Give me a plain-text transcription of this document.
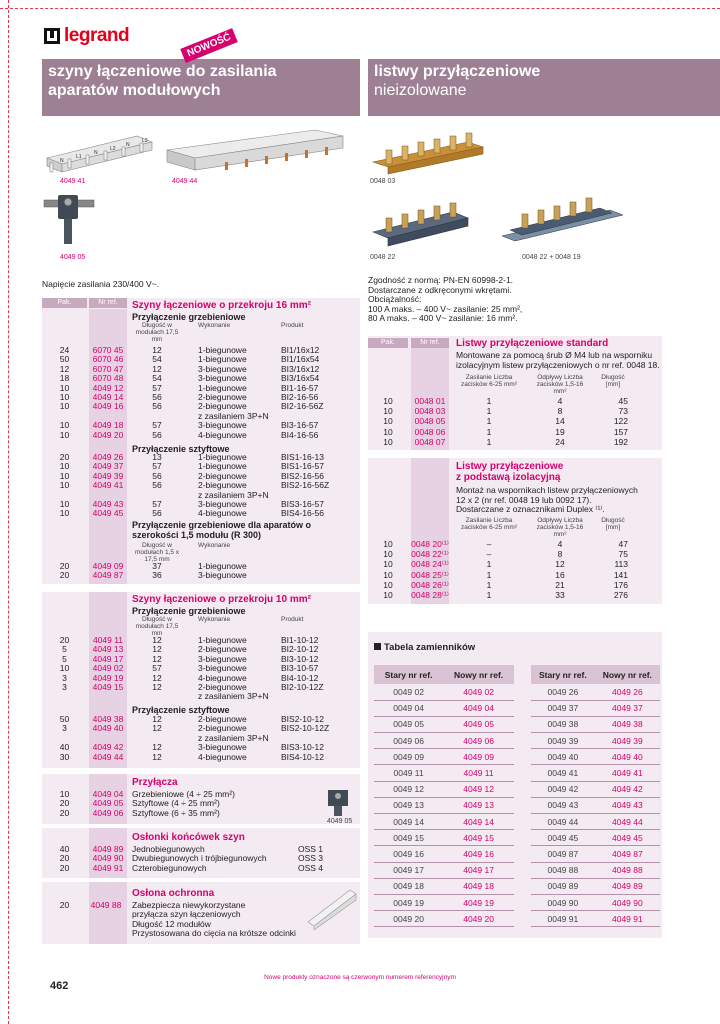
legrand
szyny łączeniowe do zasilania
aparatów modułowych
NOWOŚĆ
listwy przyłączeniowe
nieizolowane
N
L1
N
L2
N
L3
4049 41	4049 44
4049 05
0048 03
0048 22	0048 22 + 0048 19
Napięcie zasilania 230/400 V~.
Pak.	Nr ref.	Szyny łączeniowe o przekroju 16 mm²
Przyłączenie grzebieniowe
Długość w modułach 17,5 mm
Wykonanie	Produkt
24	6070 45	12	1-biegunowe	BI1/16x12
50	6070 46	54	1-biegunowe	BI1/16x54
12	6070 47	12	3-biegunowe	BI3/16x12
18	6070 48	54	3-biegunowe	BI3/16x54
10	4049 12	57	1-biegunowe	BI1-16-57
10	4049 14	56	2-biegunowe	BI2-16-56
10	4049 16	56	2-biegunowe	BI2-16-56Z
z zasilaniem 3P+N
10	4049 18	57	3-biegunowe	BI3-16-57
10	4049 20	56	4-biegunowe	BI4-16-56
Przyłączenie sztyftowe
20	4049 26	13	1-biegunowe	BIS1-16-13
10	4049 37	57	1-biegunowe	BIS1-16-57
10	4049 39	56	2-biegunowe	BIS2-16-56
10	4049 41	56	2-biegunowe	BIS2-16-56Z
z zasilaniem 3P+N
10	4049 43	57	3-biegunowe	BIS3-16-57
10	4049 45	56	4-biegunowe	BIS4-16-56
Przyłączenie grzebieniowe dla aparatów o szerokości 1,5 modułu (R 300)
Długość w modułach 1,5 x 17,5 mm
Wykonanie
20	4049 09	37	1-biegunowe
20	4049 87	36	3-biegunowe
Szyny łączeniowe o przekroju 10 mm²
Przyłączenie grzebieniowe
Długość w modułach 17,5 mm
Wykonanie	Produkt
20	4049 11	12	1-biegunowe	BI1-10-12
5	4049 13	12	2-biegunowe	BI2-10-12
5	4049 17	12	3-biegunowe	BI3-10-12
10	4049 02	57	3-biegunowe	BI3-10-57
3	4049 19	12	4-biegunowe	BI4-10-12
3	4049 15	12	2-biegunowe	BI2-10-12Z
z zasilaniem 3P+N
Przyłączenie sztyftowe
50	4049 38	12	2-biegunowe	BIS2-10-12
3	4049 40	12	2-biegunowe	BIS2-10-12Z
z zasilaniem 3P+N
40	4049 42	12	3-biegunowe	BIS3-10-12
30	4049 44	12	4-biegunowe	BIS4-10-12
Przyłącza
10	4049 04	Grzebieniowe (4 ÷ 25 mm²)
20	4049 05	Sztyftowe (4 ÷ 25 mm²)
20	4049 06	Sztyftowe (6 ÷ 35 mm²)
4049 05
Osłonki końcówek szyn
40	4049 89	Jednobiegunowych	OSS 1
20	4049 90	Dwubiegunowych i trójbiegunowych	OSS 3
20	4049 91	Czterobiegunowych	OSS 4
Osłona ochronna
20	4049 88	Zabezpiecza niewykorzystane
przyłącza szyn łączeniowych
Długość 12 modułów
Przystosowana do cięcia na krótsze odcinki
Zgodność z normą: PN-EN 60998-2-1.
Dostarczane z odkręconymi wkrętami.
Obciążalność:
100 A maks. – 400 V~ zasilanie: 25 mm²,
80 A maks. – 400 V~ zasilanie: 16 mm².
Pak.	Nr ref.	Listwy przyłączeniowe standard
Montowane za pomocą śrub Ø M4 lub na wsporniku
izolacyjnym listew przyłączeniowych o nr ref. 0048 18.
Zasilanie Liczba zacisków 6-25 mm²
Odpływy Liczba zacisków 1,5-16 mm²
Długość [mm]
10	0048 01	1	4	45
10	0048 03	1	8	73
10	0048 05	1	14	122
10	0048 06	1	19	157
10	0048 07	1	24	192
Listwy przyłączeniowe
z podstawą izolacyjną
Montaż na wspornikach listew przyłączeniowych
12 x 2 (nr ref. 0048 19 lub 0092 17).
Dostarczane z oznacznikami Duplex ⁽¹⁾.
Zasilanie Liczba zacisków 6-25 mm²
Odpływy Liczba zacisków 1,5-16 mm²
Długość [mm]
10	0048 20⁽¹⁾	–	4	47
10	0048 22⁽¹⁾	–	8	75
10	0048 24⁽¹⁾	1	12	113
10	0048 25⁽¹⁾	1	16	141
10	0048 26⁽¹⁾	1	21	176
10	0048 28⁽¹⁾	1	33	276
Tabela zamienników
Stary nr ref.	Nowy nr ref.
0049 02	4049 02
0049 04	4049 04
0049 05	4049 05
0049 06	4049 06
0049 09	4049 09
0049 11	4049 11
0049 12	4049 12
0049 13	4049 13
0049 14	4049 14
0049 15	4049 15
0049 16	4049 16
0049 17	4049 17
0049 18	4049 18
0049 19	4049 19
0049 20	4049 20
Stary nr ref.	Nowy nr ref.
0049 26	4049 26
0049 37	4049 37
0049 38	4049 38
0049 39	4049 39
0049 40	4049 40
0049 41	4049 41
0049 42	4049 42
0049 43	4049 43
0049 44	4049 44
0049 45	4049 45
0049 87	4049 87
0049 88	4049 88
0049 89	4049 89
0049 90	4049 90
0049 91	4049 91
462
Nowe produkty oznaczone są czerwonym numerem referencyjnym
